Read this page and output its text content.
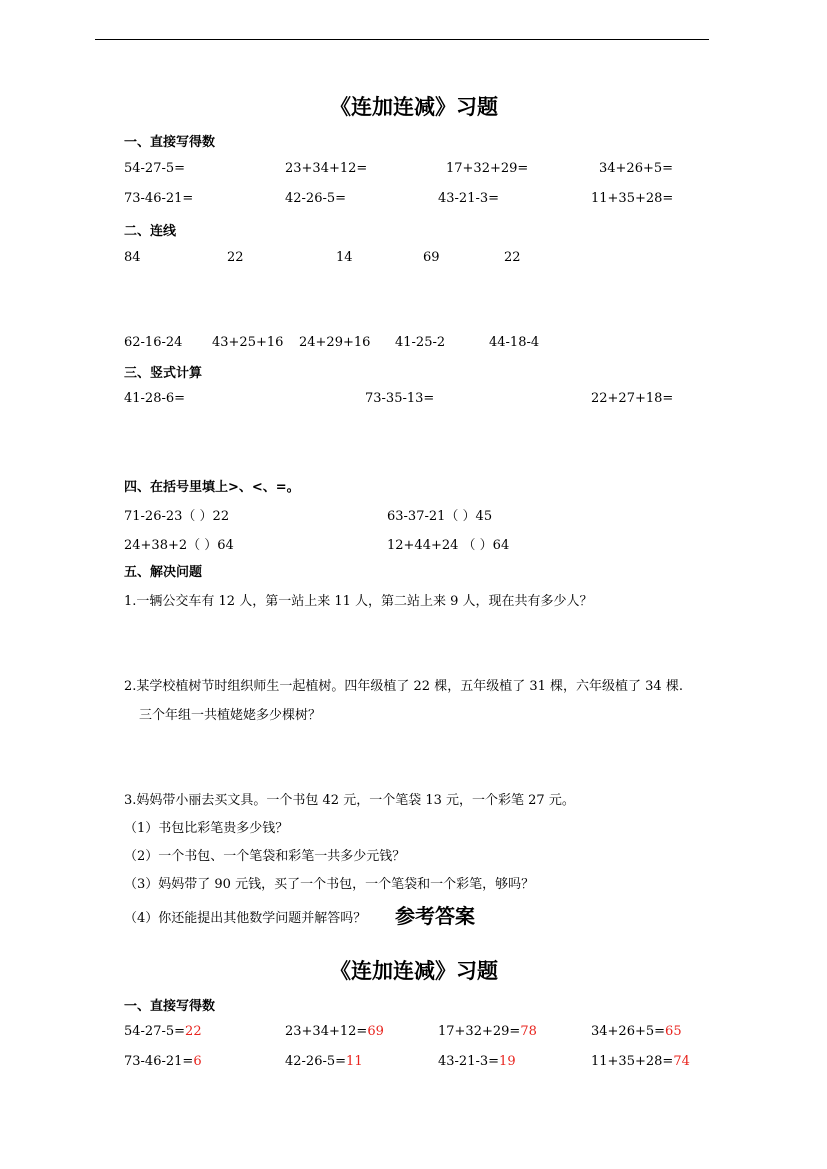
《连加连减》习题
一、直接写得数
54-27-5=	23+34+12=	17+32+29=	34+26+5=
73-46-21=	42-26-5=	43-21-3=	11+35+28=
二、连线
84	22	14	69	22
62-16-24 43+25+16 24+29+16 41-25-2	44-18-4
三、竖式计算
41-28-6=	73-35-13=	22+27+18=
四、在括号里填上>、<、=。
71-26-23（ ）22	63-37-21（ ）45
24+38+2（ ）64	12+44+24 （ ）64
五、解决问题
1.一辆公交车有 12 人，第一站上来 11 人，第二站上来 9 人，现在共有多少人？
2.某学校植树节时组织师生一起植树。四年级植了 22 棵，五年级植了 31 棵，六年级植了 34 棵.
三个年组一共植姥姥多少棵树？
3.妈妈带小丽去买文具。一个书包 42 元，一个笔袋 13 元，一个彩笔 27 元。
（1）书包比彩笔贵多少钱？
（2）一个书包、一个笔袋和彩笔一共多少元钱？
（3）妈妈带了 90 元钱，买了一个书包，一个笔袋和一个彩笔，够吗？
（4）你还能提出其他数学问题并解答吗？ 参考答案
《连加连减》习题
一、直接写得数
54-27-5=22	23+34+12=69	17+32+29=78	34+26+5=65
73-46-21=6	42-26-5=11	43-21-3=19	11+35+28=74
